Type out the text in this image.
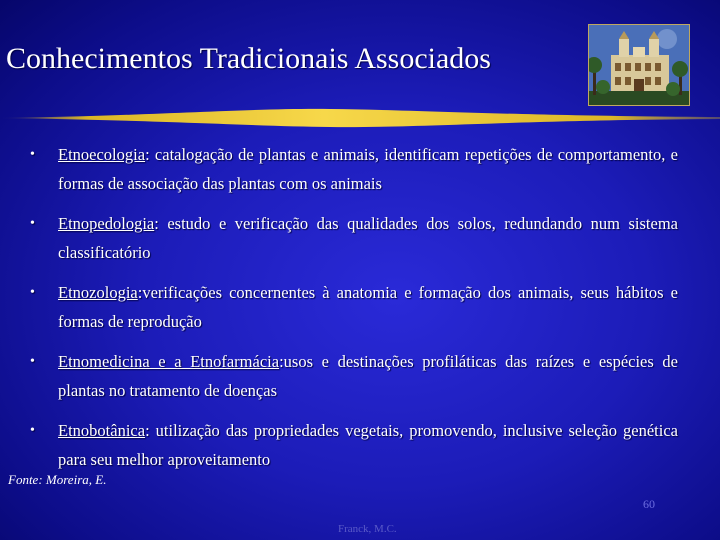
Conhecimentos Tradicionais Associados
• Etnoecologia: catalogação de plantas e animais, identificam repetições de comportamento, e formas de associação das plantas com os animais
• Etnopedologia: estudo e verificação das qualidades dos solos, redundando num sistema classificatório
• Etnozologia:verificações concernentes à anatomia e formação dos animais, seus hábitos e formas de reprodução
• Etnomedicina e a Etnofarmácia:usos e destinações profiláticas das raízes e espécies de plantas no tratamento de doenças
• Etnobotânica: utilização das propriedades vegetais, promovendo, inclusive seleção genética para seu melhor aproveitamento
Fonte: Moreira, E.
60
Franck, M.C.
